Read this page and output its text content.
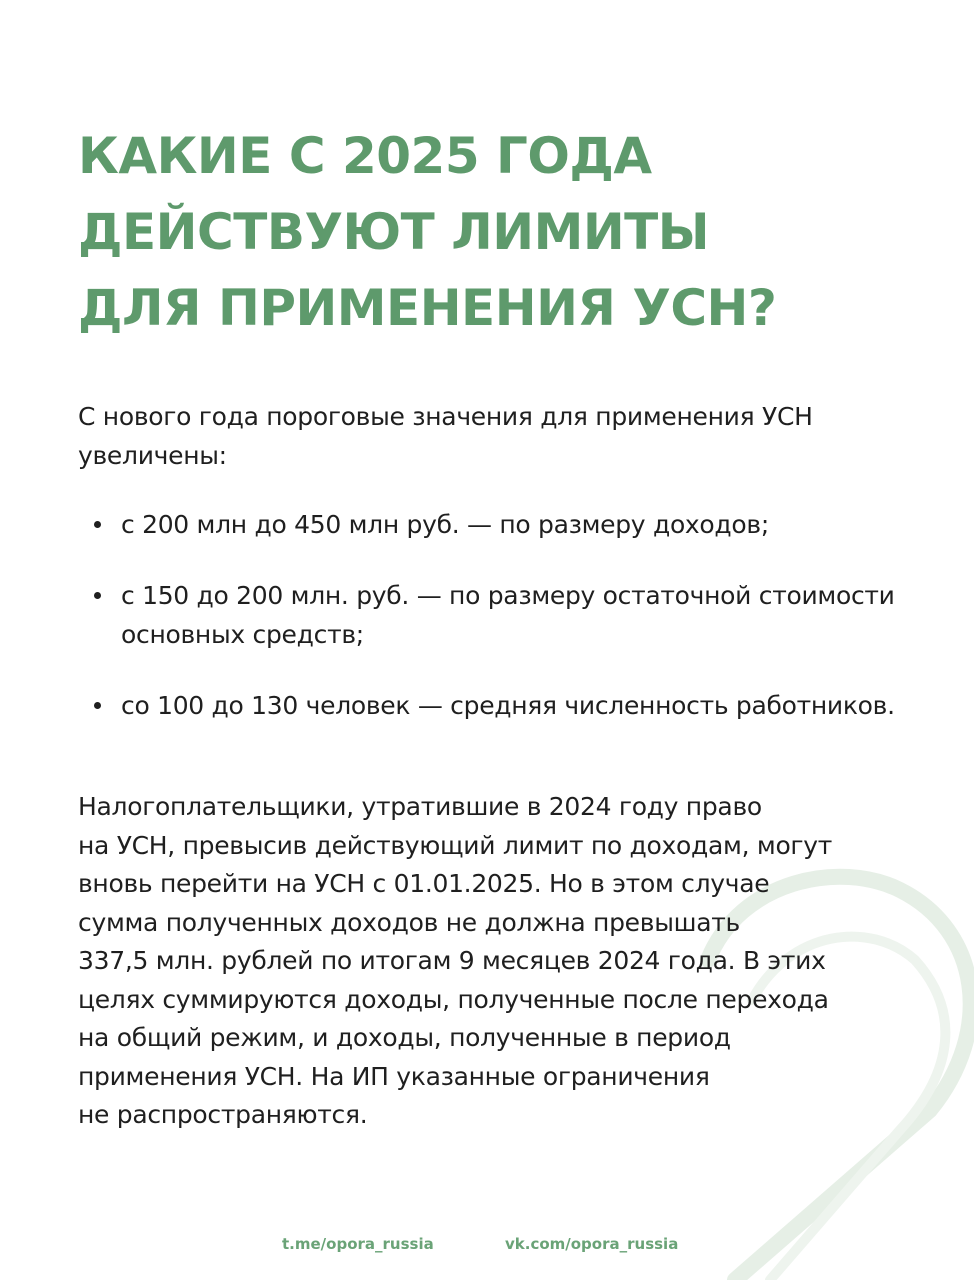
КАКИЕ С 2025 ГОДА
ДЕЙСТВУЮТ ЛИМИТЫ
ДЛЯ ПРИМЕНЕНИЯ УСН?

С нового года пороговые значения для применения УСН увеличены:

с 200 млн до 450 млн руб. — по размеру доходов;
с 150 до 200 млн. руб. — по размеру остаточной стоимости основных средств;
со 100 до 130 человек — средняя численность работников.

Налогоплательщики, утратившие в 2024 году право
на УСН, превысив действующий лимит по доходам, могут
вновь перейти на УСН с 01.01.2025. Но в этом случае
сумма полученных доходов не должна превышать
337,5 млн. рублей по итогам 9 месяцев 2024 года. В этих
целях суммируются доходы, полученные после перехода
на общий режим, и доходы, полученные в период
применения УСН. На ИП указанные ограничения
не распространяются.

t.me/opora_russia	vk.com/opora_russia
